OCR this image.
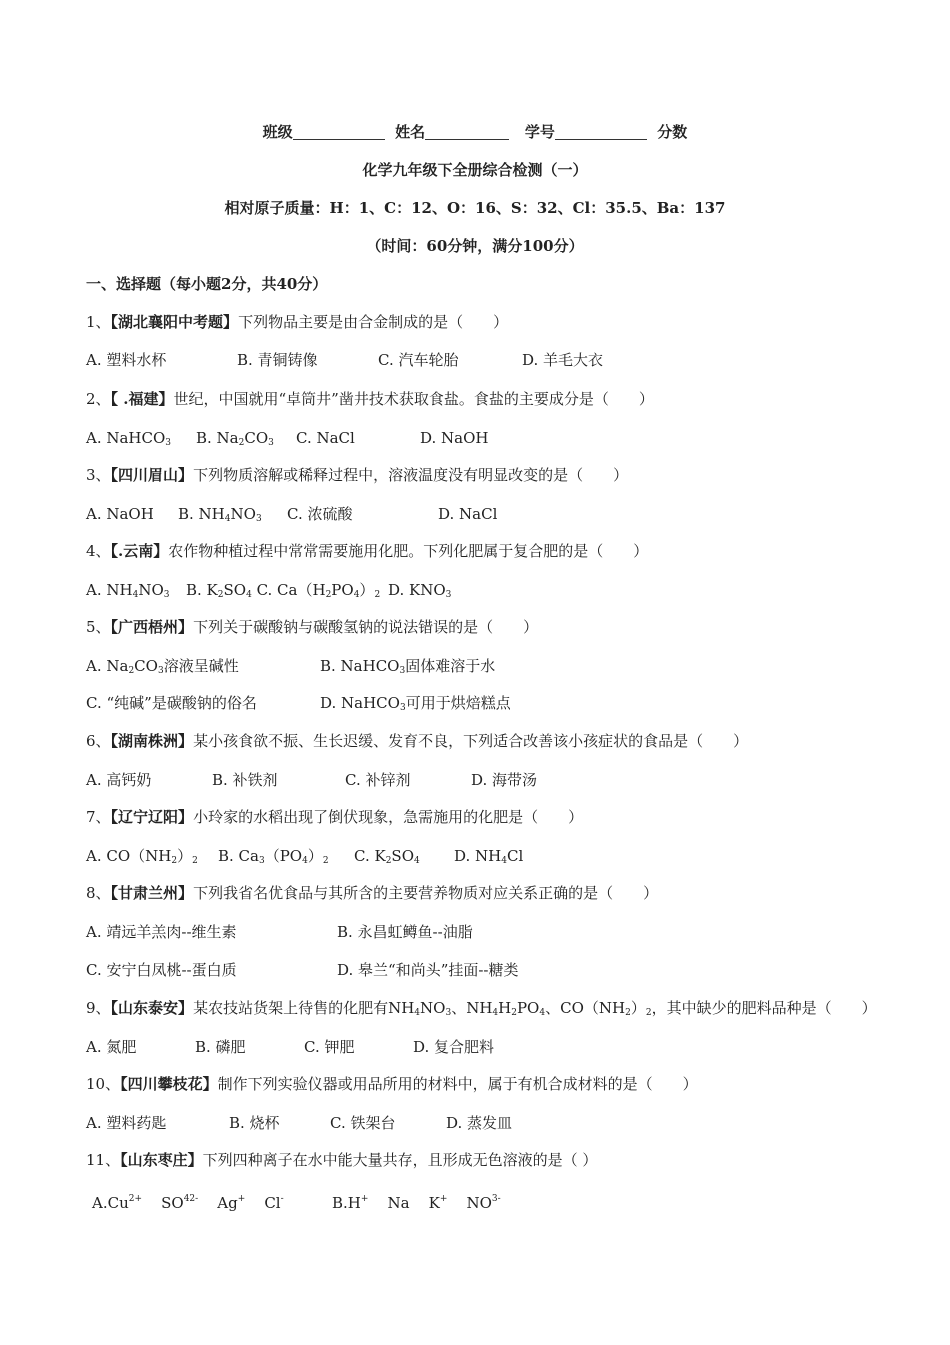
班级	姓名	学号	分数
化学九年级下全册综合检测（一）
相对原子质量：H：1、C：12、O：16、S：32、Cl：35.5、Ba：137
（时间：60分钟，满分100分）
一、选择题（每小题2分，共40分）
1、【湖北襄阳中考题】下列物品主要是由合金制成的是（　　）
A. 塑料水杯	B. 青铜铸像	C. 汽车轮胎	D. 羊毛大衣
2、【 .福建】世纪，中国就用“卓筒井”凿井技术获取食盐。食盐的主要成分是（　　）
A. NaHCO$_3$ B. $Na_2CO_3$ C. NaCl	D. NaOH
3、【四川眉山】下列物质溶解或稀释过程中，溶液温度没有明显改变的是（　　）
A. NaOH B. $NH_4NO_3$ C. 浓硫酸	D. NaCl
4、【.云南】农作物种植过程中常常需要施用化肥。下列化肥属于复合肥的是（　　）
A. $NH_4NO_3$ B. $K_2SO_4$ C. $Ca(H_2PO_4)_2$ D. $KNO_3$
5、【广西梧州】下列关于碳酸钠与碳酸氢钠的说法错误的是（　　）
A. $Na_2CO_3$溶液呈碱性	B. NaHCO$_3$固体难溶于水
C. “纯碱”是碳酸钠的俗名	D. NaHCO$_3$可用于烘焙糕点
6、【湖南株洲】某小孩食欲不振、生长迟缓、发育不良，下列适合改善该小孩症状的食品是（　　）
A. 高钙奶	B. 补铁剂	C. 补锌剂	D. 海带汤
7、【辽宁辽阳】小玲家的水稻出现了倒伏现象，急需施用的化肥是（　　）
A. $CO(NH_2)_2$ B. $Ca_3(PO_4)_2$ C. $K_2SO_4$ D. $NH_4Cl$
8、【甘肃兰州】下列我省名优食品与其所含的主要营养物质对应关系正确的是（　　）
A. 靖远羊羔肉--维生素	B. 永昌虹鳟鱼--油脂
C. 安宁白凤桃--蛋白质	D. 皋兰“和尚头”挂面--糖类
9、【山东泰安】某农技站货架上待售的化肥有$NH_4NO_3$、$NH_4H_2PO_4$、$CO(NH_2)_2$，其中缺少的肥料品种是（　　）
A. 氮肥	B. 磷肥	C. 钾肥	D. 复合肥料
10、【四川攀枝花】制作下列实验仪器或用品所用的材料中，属于有机合成材料的是（　　）
A. 塑料药匙	B. 烧杯	C. 铁架台	D. 蒸发皿
11、【山东枣庄】下列四种离子在水中能大量共存，且形成无色溶液的是（ ）
$A.Cu^{2+}$    $SO^{42-}$    Ag+    Cl-	B.H+    Na    K+    $NO^{3-}$
